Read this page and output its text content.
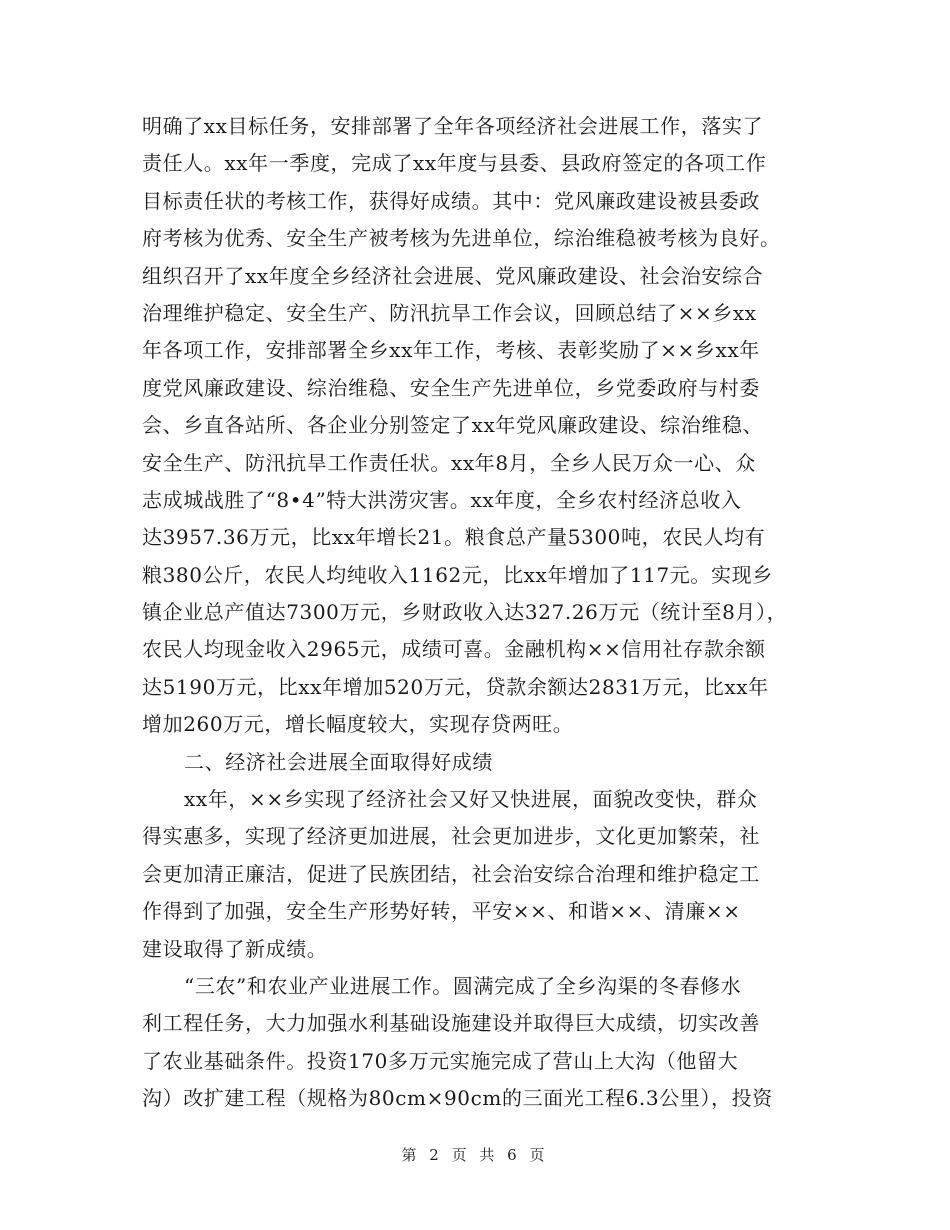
明确了xx目标任务，安排部署了全年各项经济社会进展工作，落实了
责任人。xx年一季度，完成了xx年度与县委、县政府签定的各项工作
目标责任状的考核工作，获得好成绩。其中：党风廉政建设被县委政
府考核为优秀、安全生产被考核为先进单位，综治维稳被考核为良好。
组织召开了xx年度全乡经济社会进展、党风廉政建设、社会治安综合
治理维护稳定、安全生产、防汛抗旱工作会议，回顾总结了××乡xx
年各项工作，安排部署全乡xx年工作，考核、表彰奖励了××乡xx年
度党风廉政建设、综治维稳、安全生产先进单位，乡党委政府与村委
会、乡直各站所、各企业分别签定了xx年党风廉政建设、综治维稳、
安全生产、防汛抗旱工作责任状。xx年8月，全乡人民万众一心、众
志成城战胜了“8•4”特大洪涝灾害。xx年度，全乡农村经济总收入
达3957.36万元，比xx年增长21。粮食总产量5300吨，农民人均有
粮380公斤，农民人均纯收入1162元，比xx年增加了117元。实现乡
镇企业总产值达7300万元，乡财政收入达327.26万元（统计至8月），
农民人均现金收入2965元，成绩可喜。金融机构××信用社存款余额
达5190万元，比xx年增加520万元，贷款余额达2831万元，比xx年
增加260万元，增长幅度较大，实现存贷两旺。
二、经济社会进展全面取得好成绩
xx年，××乡实现了经济社会又好又快进展，面貌改变快，群众
得实惠多，实现了经济更加进展，社会更加进步，文化更加繁荣，社
会更加清正廉洁，促进了民族团结，社会治安综合治理和维护稳定工
作得到了加强，安全生产形势好转，平安××、和谐××、清廉××
建设取得了新成绩。
“三农”和农业产业进展工作。圆满完成了全乡沟渠的冬春修水
利工程任务，大力加强水利基础设施建设并取得巨大成绩，切实改善
了农业基础条件。投资170多万元实施完成了营山上大沟（他留大
沟）改扩建工程（规格为80cm×90cm的三面光工程6.3公里），投资
第 2 页 共 6 页
